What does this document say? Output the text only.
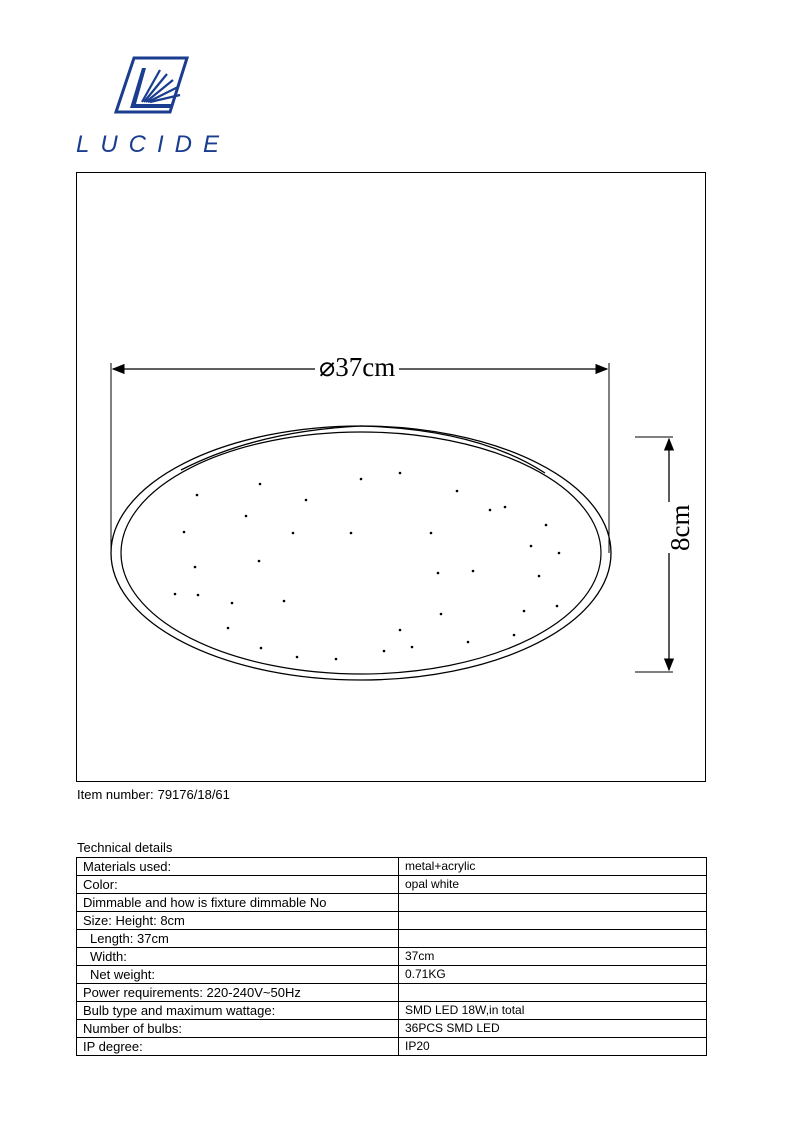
LUCIDE
⌀37cm
8cm
Item number: 79176/18/61
Technical details
Materials used:	metal+acrylic
Color:	opal white
Dimmable and how is fixture dimmable No	
Size: Height: 8cm	
Length: 37cm	
Width:	37cm
Net weight:	0.71KG
Power requirements: 220-240V~50Hz	
Bulb type and maximum wattage:	SMD LED 18W,in total
Number of bulbs:	36PCS SMD LED
IP degree:	IP20
